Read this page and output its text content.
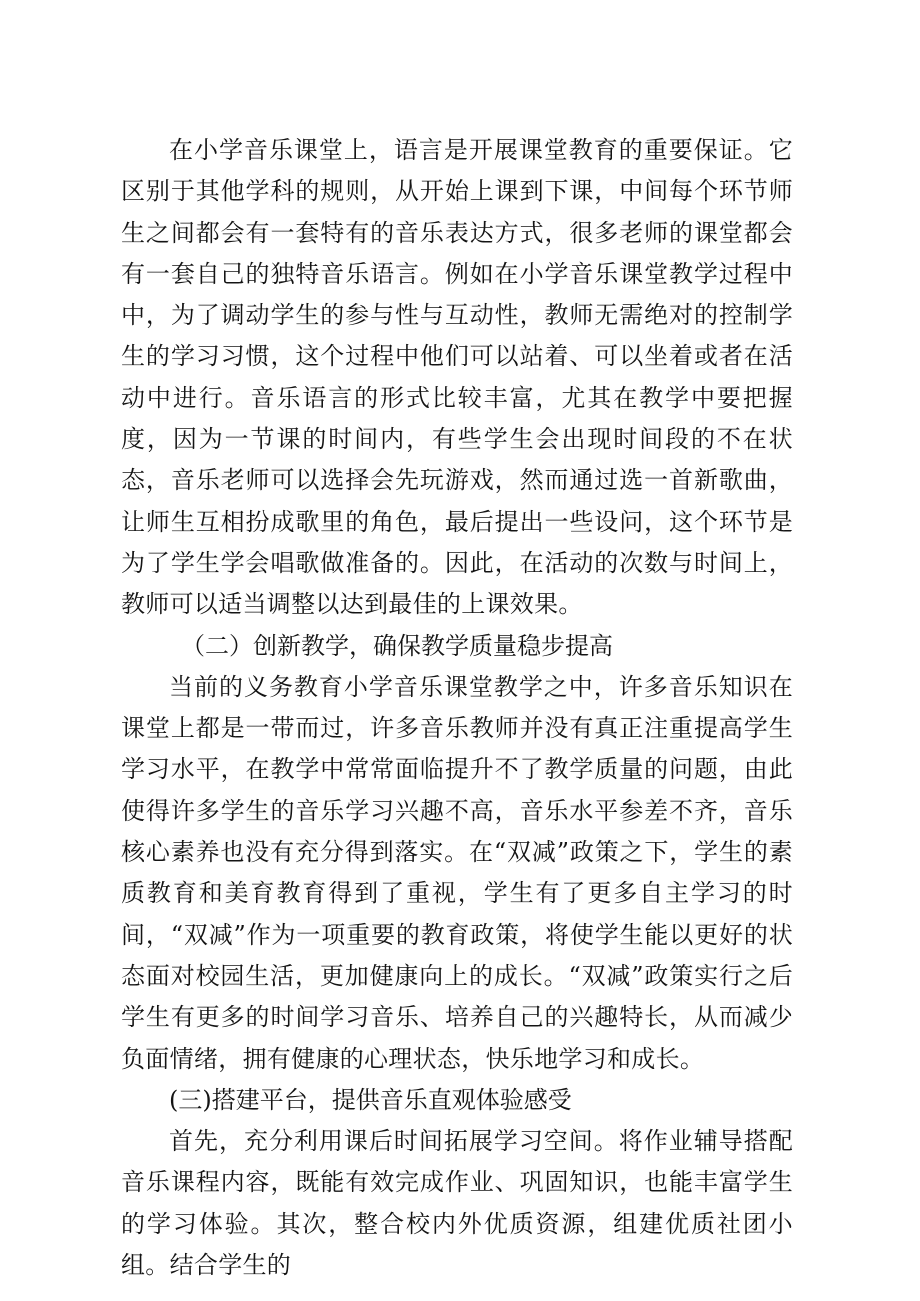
在小学音乐课堂上，语言是开展课堂教育的重要保证。它区别于其他学科的规则，从开始上课到下课，中间每个环节师生之间都会有一套特有的音乐表达方式，很多老师的课堂都会有一套自己的独特音乐语言。例如在小学音乐课堂教学过程中中，为了调动学生的参与性与互动性，教师无需绝对的控制学生的学习习惯，这个过程中他们可以站着、可以坐着或者在活动中进行。音乐语言的形式比较丰富，尤其在教学中要把握度，因为一节课的时间内，有些学生会出现时间段的不在状态，音乐老师可以选择会先玩游戏，然而通过选一首新歌曲，让师生互相扮成歌里的角色，最后提出一些设问，这个环节是为了学生学会唱歌做准备的。因此，在活动的次数与时间上，教师可以适当调整以达到最佳的上课效果。

（二）创新教学，确保教学质量稳步提高

当前的义务教育小学音乐课堂教学之中，许多音乐知识在课堂上都是一带而过，许多音乐教师并没有真正注重提高学生学习水平，在教学中常常面临提升不了教学质量的问题，由此使得许多学生的音乐学习兴趣不高，音乐水平参差不齐，音乐核心素养也没有充分得到落实。在“双减”政策之下，学生的素质教育和美育教育得到了重视，学生有了更多自主学习的时间，“双减”作为一项重要的教育政策，将使学生能以更好的状态面对校园生活，更加健康向上的成长。“双减”政策实行之后学生有更多的时间学习音乐、培养自己的兴趣特长，从而减少负面情绪，拥有健康的心理状态，快乐地学习和成长。

(三)搭建平台，提供音乐直观体验感受

首先，充分利用课后时间拓展学习空间。将作业辅导搭配音乐课程内容，既能有效完成作业、巩固知识，也能丰富学生的学习体验。其次，整合校内外优质资源，组建优质社团小组。结合学生的
